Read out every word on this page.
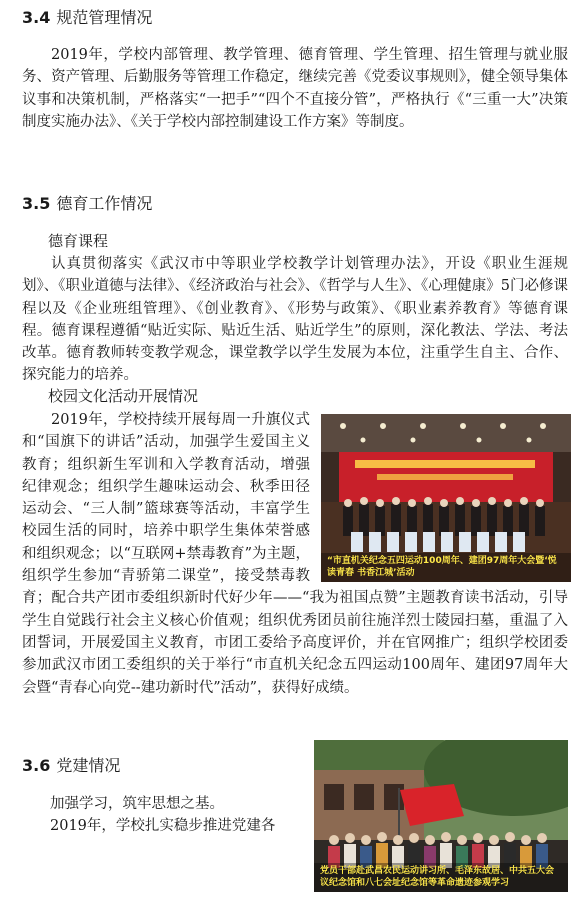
3.4 规范管理情况

2019年，学校内部管理、教学管理、德育管理、学生管理、招生管理与就业服务、资产管理、后勤服务等管理工作稳定，继续完善《党委议事规则》，健全领导集体议事和决策机制，严格落实“一把手”“四个不直接分管”，严格执行《“三重一大”决策制度实施办法》、《关于学校内部控制建设工作方案》等制度。

3.5 德育工作情况
德育课程

认真贯彻落实《武汉市中等职业学校教学计划管理办法》，开设《职业生涯规划》、《职业道德与法律》、《经济政治与社会》、《哲学与人生》、《心理健康》5门必修课程以及《企业班组管理》、《创业教育》、《形势与政策》、《职业素养教育》等德育课程。德育课程遵循“贴近实际、贴近生活、贴近学生”的原则，深化教法、学法、考法改革。德育教师转变教学观念，课堂教学以学生发展为本位，注重学生自主、合作、探究能力的培养。

校园文化活动开展情况
“市直机关纪念五四运动100周年、建团97周年大会暨‘悦读青春 书香江城’活动

2019年，学校持续开展每周一升旗仪式和“国旗下的讲话”活动，加强学生爱国主义教育；组织新生军训和入学教育活动，增强纪律观念；组织学生趣味运动会、秋季田径运动会、“三人制”篮球赛等活动，丰富学生校园生活的同时，培养中职学生集体荣誉感和组织观念；以“互联网+禁毒教育”为主题，组织学生参加“青骄第二课堂”，接受禁毒教育；配合共产团市委组织新时代好少年——“我为祖国点赞”主题教育读书活动，引导学生自觉践行社会主义核心价值观；组织优秀团员前往施洋烈士陵园扫墓，重温了入团誓词，开展爱国主义教育，市团工委给予高度评价，并在官网推广；组织学校团委参加武汉市团工委组织的关于举行“市直机关纪念五四运动100周年、建团97周年大会暨“青春心向党--建功新时代”活动”，获得好成绩。

3.6 党建情况

加强学习，筑牢思想之基。

2019年，学校扎实稳步推进党建各

党员干部赴武昌农民运动讲习所、毛泽东故居、中共五大会议纪念馆和八七会址纪念馆等革命遗迹参观学习
